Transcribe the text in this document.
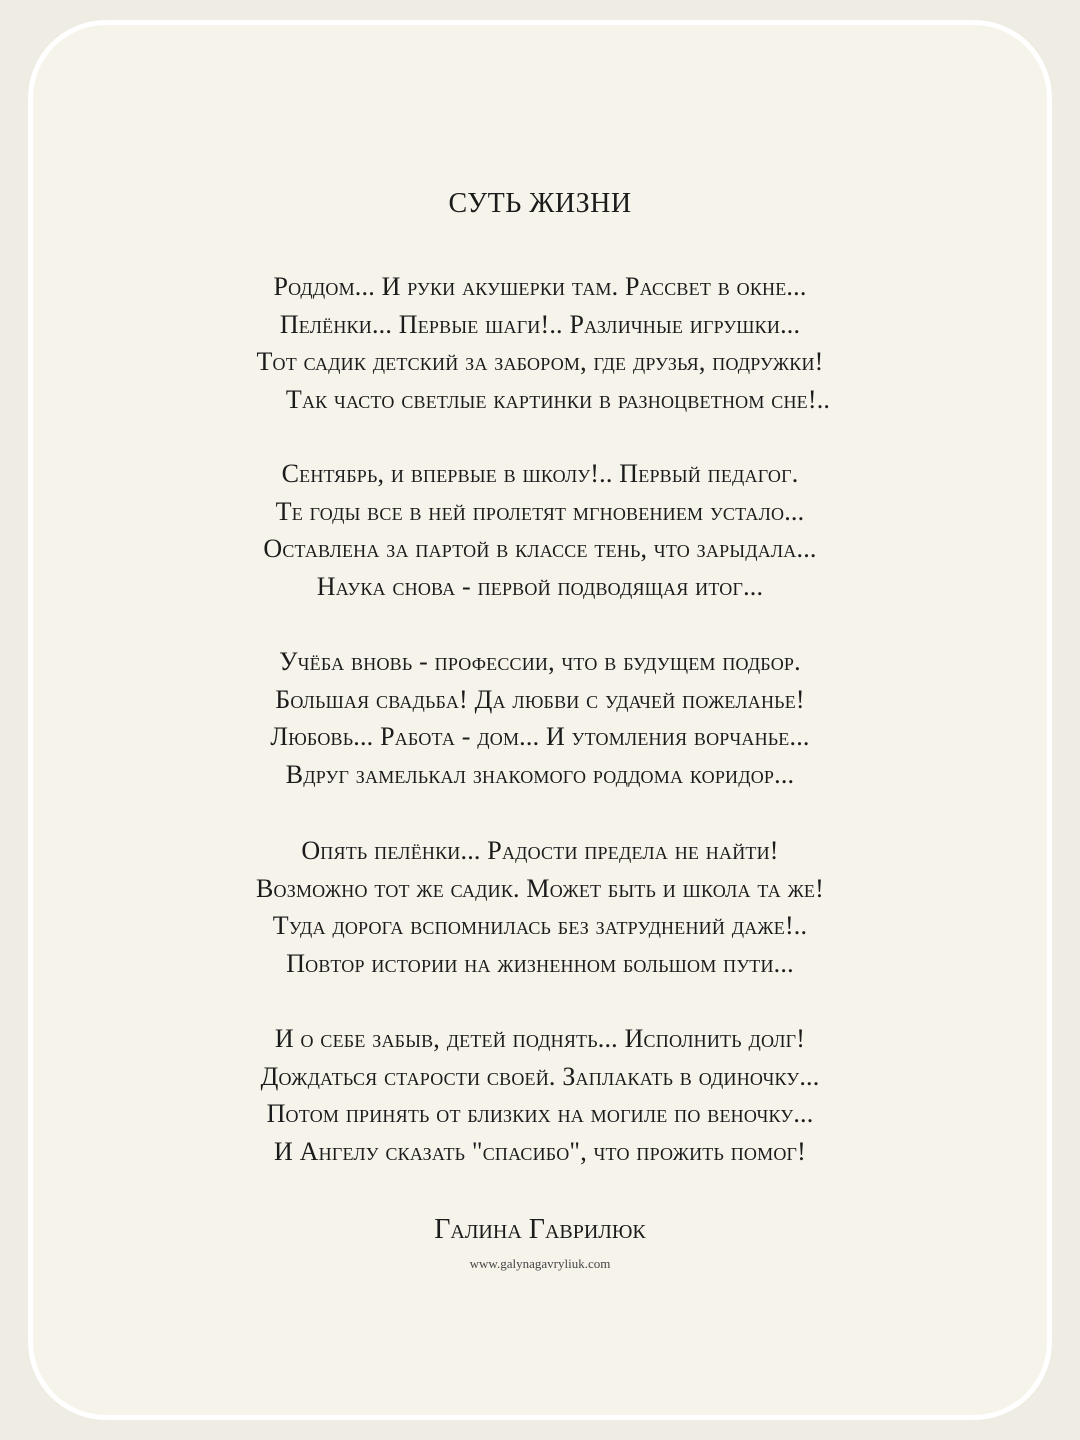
СУТЬ ЖИЗНИ
Роддом... И руки акушерки там. Рассвет в окне...
Пелёнки... Первые шаги!.. Различные игрушки...
Тот садик детский за забором, где друзья, подружки!
Так часто светлые картинки в разноцветном сне!..
Сентябрь, и впервые в школу!.. Первый педагог.
Те годы все в ней пролетят мгновением устало...
Оставлена за партой в классе тень, что зарыдала...
Наука снова - первой подводящая итог...
Учёба вновь - профессии, что в будущем подбор.
Большая свадьба! Да любви с удачей пожеланье!
Любовь... Работа - дом... И утомления ворчанье...
Вдруг замелькал знакомого роддома коридор...
Опять пелёнки... Радости предела не найти!
Возможно тот же садик. Может быть и школа та же!
Туда дорога вспомнилась без затруднений даже!..
Повтор истории на жизненном большом пути...
И о себе забыв, детей поднять... Исполнить долг!
Дождаться старости своей. Заплакать в одиночку...
Потом принять от близких на могиле по веночку...
И Ангелу сказать "спасибо", что прожить помог!
Галина Гаврилюк
www.galynagavryliuk.com
